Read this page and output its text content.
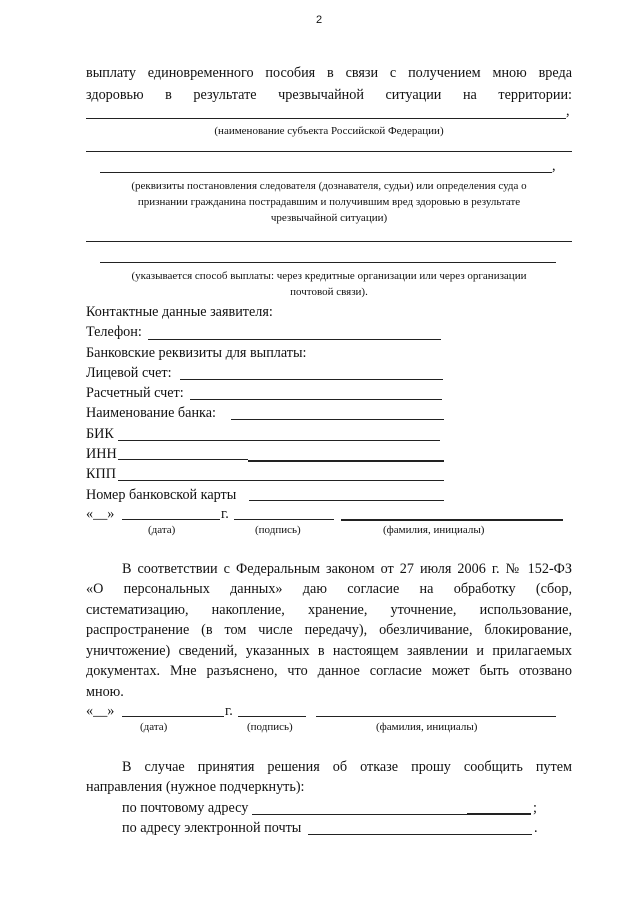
2
выплату единовременного пособия в связи с получением мною вреда
здоровью в результате чрезвычайной ситуации на территории:
,
(наименование субъекта Российской Федерации)
,
(реквизиты постановления следователя (дознавателя, судьи) или определения суда о
признании гражданина пострадавшим и получившим вред здоровью в результате
чрезвычайной ситуации)
(указывается способ выплаты: через кредитные организации или через организации
почтовой связи).
Контактные данные заявителя:
Телефон:
Банковские реквизиты для выплаты:
Лицевой счет:
Расчетный счет:
Наименование банка:
БИК
ИНН
КПП
Номер банковской карты
«__»	г.
(дата)	(подпись)	(фамилия, инициалы)
В соответствии с Федеральным законом от 27 июля 2006 г. № 152-ФЗ
«О персональных данных» даю согласие на обработку (сбор,
систематизацию, накопление, хранение, уточнение, использование,
распространение (в том числе передачу), обезличивание, блокирование,
уничтожение) сведений, указанных в настоящем заявлении и прилагаемых
документах. Мне разъяснено, что данное согласие может быть отозвано
мною.
«__»	г.
(дата)	(подпись)	(фамилия, инициалы)
В случае принятия решения об отказе прошу сообщить путем
направления (нужное подчеркнуть):
по почтовому адресу	;
по адресу электронной почты	.
